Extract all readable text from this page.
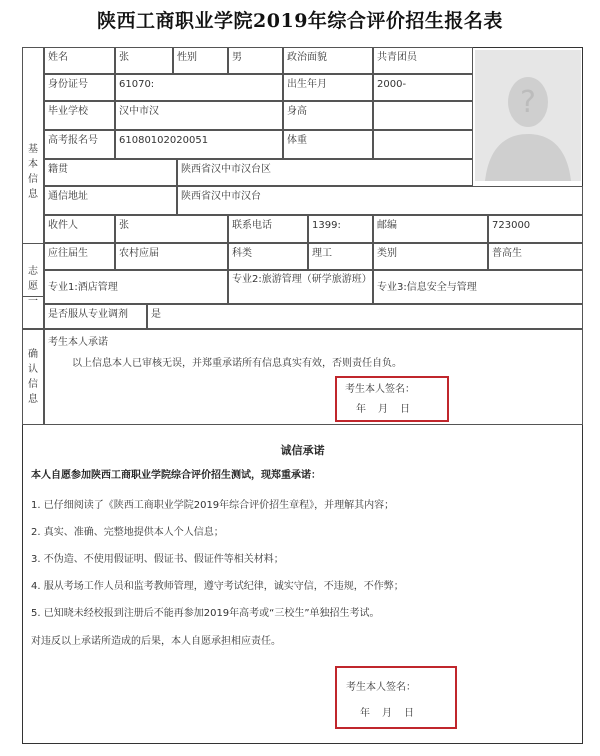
陕西工商职业学院2019年综合评价招生报名表
基本信息
志愿一
确认信息
?
姓名	张	性别	男	政治面貌	共青团员
身份证号	61070:	出生年月	2000-
毕业学校	汉中市汉	身高
高考报名号	61080102020051	体重
籍贯	陕西省汉中市汉台区
通信地址	陕西省汉中市汉台
收件人	张	联系电话	1399:	邮编	723000
应往届生	农村应届	科类	理工	类别	普高生
专业1:酒店管理
专业2:旅游管理（研学旅游班）
专业3:信息安全与管理
是否服从专业调剂	是
考生本人承诺
以上信息本人已审核无误，并郑重承诺所有信息真实有效，否则责任自负。
考生本人签名：
年　月　日
诚信承诺
本人自愿参加陕西工商职业学院综合评价招生测试，现郑重承诺：
1. 已仔细阅读了《陕西工商职业学院2019年综合评价招生章程》，并理解其内容；
2. 真实、准确、完整地提供本人个人信息；
3. 不伪造、不使用假证明、假证书、假证件等相关材料；
4. 服从考场工作人员和监考教师管理，遵守考试纪律，诚实守信，不违规，不作弊；
5. 已知晓未经校报到注册后不能再参加2019年高考或“三校生”单独招生考试。
对违反以上承诺所造成的后果，本人自愿承担相应责任。
考生本人签名：
年　月　日
